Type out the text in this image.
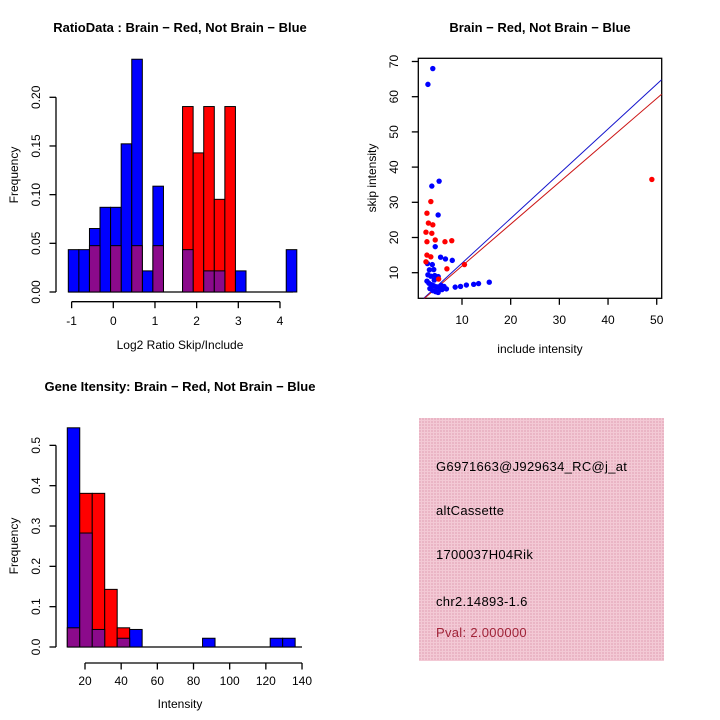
-1	0	1	2	3	4
0.00
0.05
0.10
0.15
0.20
10	20	30	40	50
10
20
30
40
50
60
70
20 40 60 80 100 120 140
0.0
0.1
0.2
0.3
0.4
0.5
RatioData : Brain − Red, Not Brain − Blue	Brain − Red, Not Brain − Blue
Gene Itensity: Brain − Red, Not Brain − Blue
Log2 Ratio Skip/Include
Frequency
include intensity
skip intensity
Intensity
Frequency
G6971663@J929634_RC@j_at
altCassette
1700037H04Rik
chr2.14893-1.6
Pval: 2.000000
